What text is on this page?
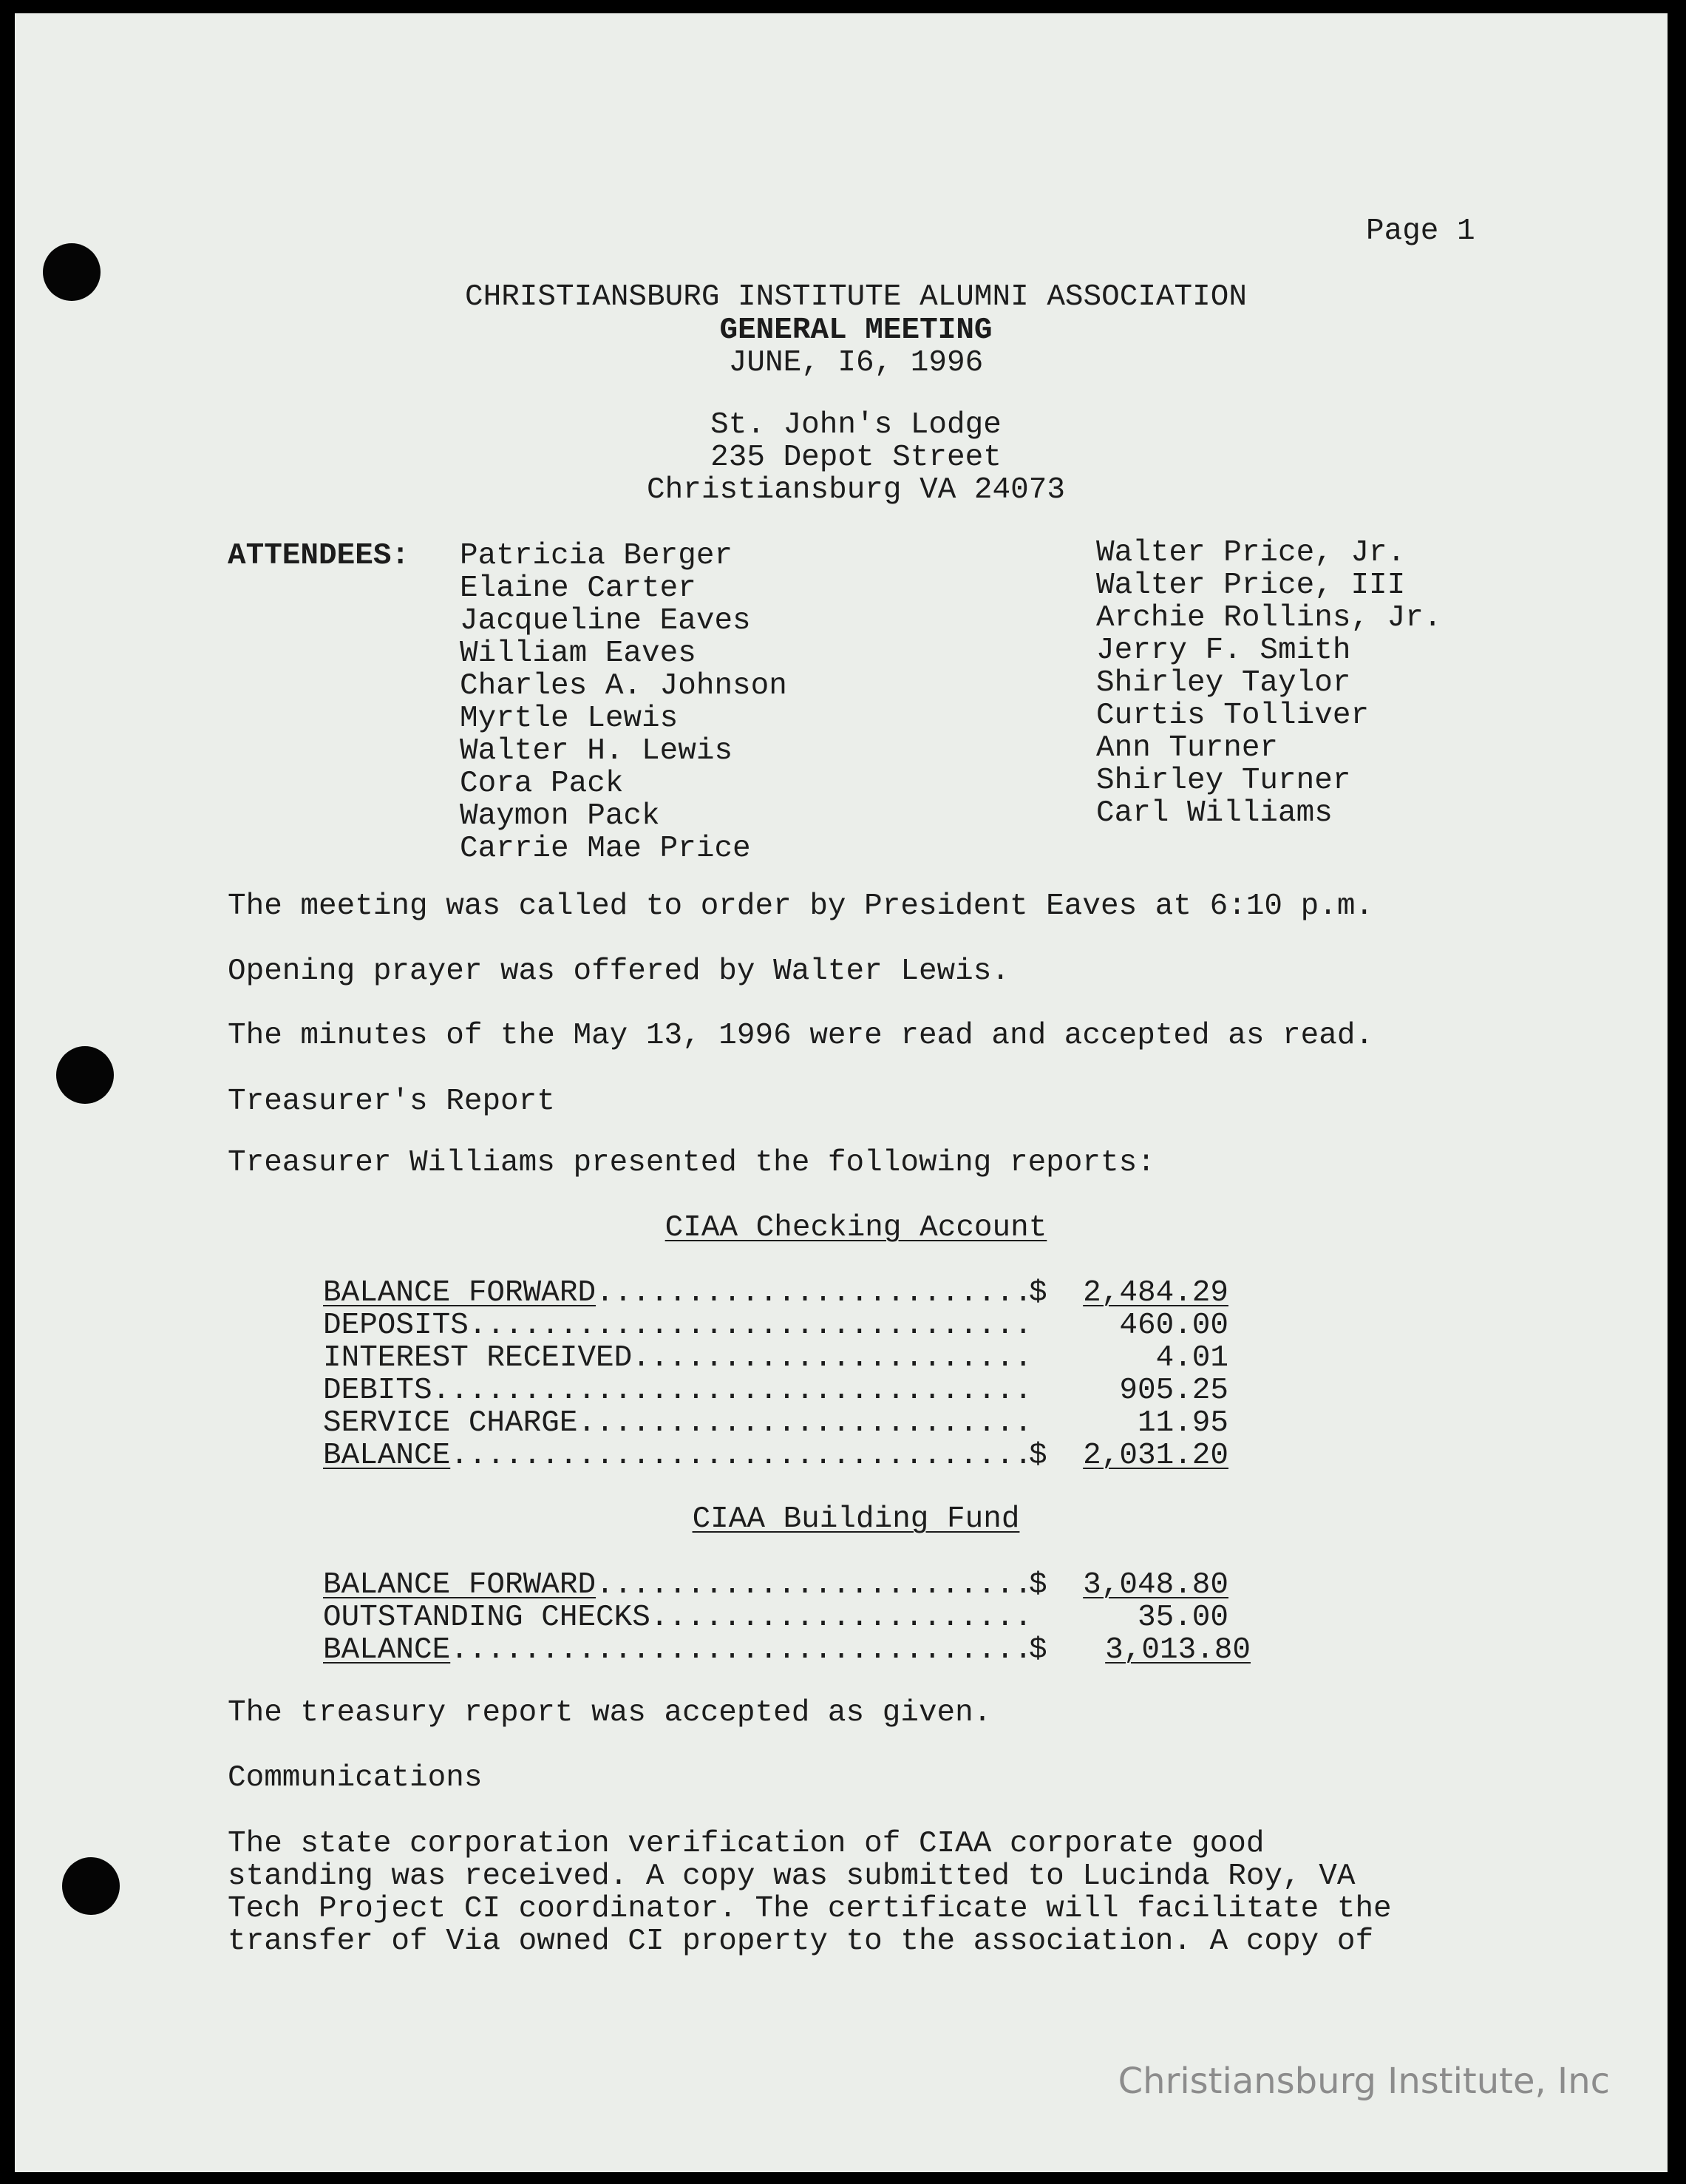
Page 1
CHRISTIANSBURG INSTITUTE ALUMNI ASSOCIATION
GENERAL MEETING
JUNE, I6, 1996
St. John's Lodge
235 Depot Street
Christiansburg VA 24073
ATTENDEES: Patricia Berger
Elaine Carter
Jacqueline Eaves
William Eaves
Charles A. Johnson
Myrtle Lewis
Walter H. Lewis
Cora Pack
Waymon Pack
Carrie Mae Price
Walter Price, Jr.
Walter Price, III
Archie Rollins, Jr.
Jerry F. Smith
Shirley Taylor
Curtis Tolliver
Ann Turner
Shirley Turner
Carl Williams
The meeting was called to order by President Eaves at 6:10 p.m.
Opening prayer was offered by Walter Lewis.
The minutes of the May 13, 1996 were read and accepted as read.
Treasurer's Report
Treasurer Williams presented the following reports:
CIAA Checking Account
BALANCE FORWARD .....	$	2,484.29
DEPOSITS .....	460.00
INTEREST RECEIVED .....	4.01
DEBITS .....	905.25
SERVICE CHARGE .....	11.95
BALANCE .....	$	2,031.20
CIAA Building Fund
BALANCE FORWARD .....	$	3,048.80
OUTSTANDING CHECKS .....	35.00
BALANCE .....	$	3,013.80
The treasury report was accepted as given.
Communications
The state corporation verification of CIAA corporate good
standing was received. A copy was submitted to Lucinda Roy, VA
Tech Project CI coordinator. The certificate will facilitate the
transfer of Via owned CI property to the association. A copy of
Christiansburg Institute, Inc
